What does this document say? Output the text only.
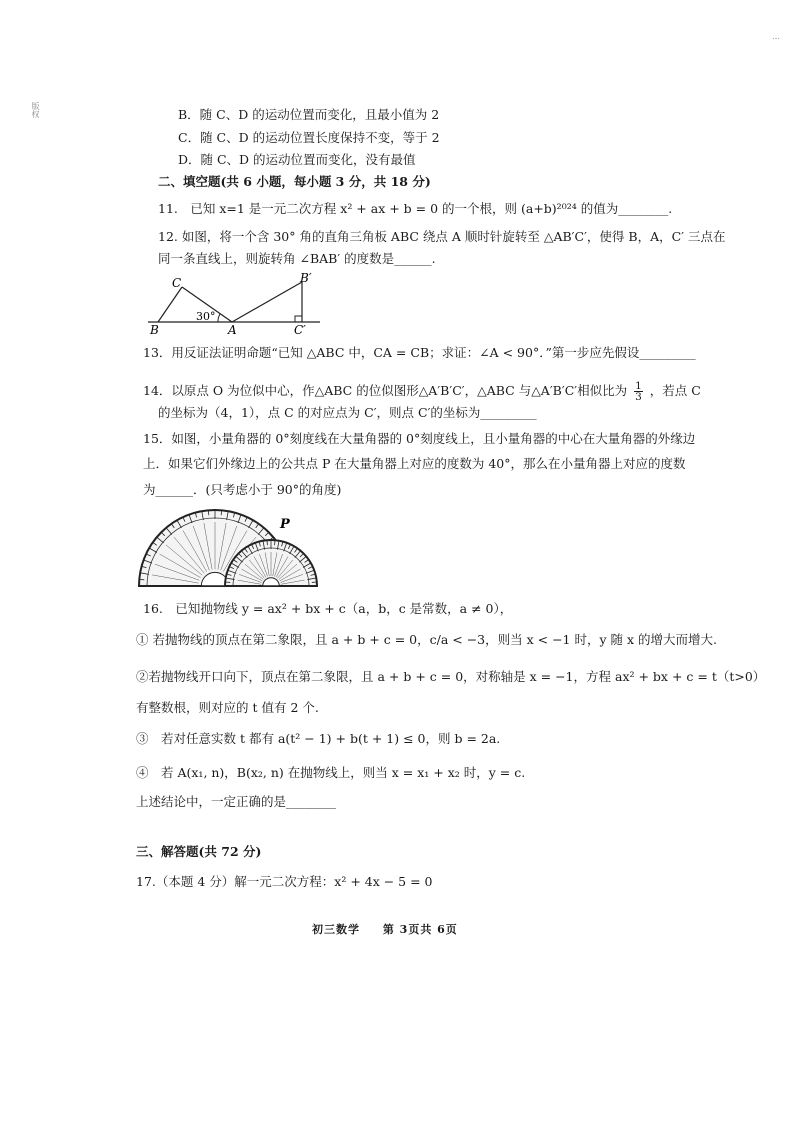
版权
…
B．随 C、D 的运动位置而变化，且最小值为 2
C．随 C、D 的运动位置长度保持不变，等于 2
D．随 C、D 的运动位置而变化，没有最值
二、填空题(共 6 小题，每小题 3 分，共 18 分)
11.　已知 x=1 是一元二次方程 x² + ax + b = 0 的一个根，则 (a+b)²⁰²⁴ 的值为________.
12. 如图，将一个含 30° 角的直角三角板 ABC 绕点 A 顺时针旋转至 △AB′C′，使得 B，A，C′ 三点在
同一条直线上，则旋转角 ∠BAB′ 的度数是______.
C
B	A
B′
C′
30°
13．用反证法证明命题“已知 △ABC 中，CA = CB；求证：∠A < 90°．”第一步应先假设_________
14．以原点 O 为位似中心，作△ABC 的位似图形△A′B′C′，△ABC 与△A′B′C′相似比为 $\frac{1}{3}$ ，若点 C
的坐标为（4，1），点 C 的对应点为 C′，则点 C′的坐标为_________
15．如图，小量角器的 0°刻度线在大量角器的 0°刻度线上，且小量角器的中心在大量角器的外缘边
上．如果它们外缘边上的公共点 P 在大量角器上对应的度数为 40°，那么在小量角器上对应的度数
为______．(只考虑小于 90°的角度)
P
16.　已知抛物线 y = ax² + bx + c（a，b，c 是常数，a ≠ 0），
① 若抛物线的顶点在第二象限，且 a + b + c = 0，c/a < −3，则当 x < −1 时，y 随 x 的增大而增大.
②若抛物线开口向下，顶点在第二象限，且 a + b + c = 0，对称轴是 x = −1，方程 ax² + bx + c = t（t>0）
有整数根，则对应的 t 值有 2 个.
③　若对任意实数 t 都有 a(t² − 1) + b(t + 1) ≤ 0，则 b = 2a.
④　若 A(x₁, n)，B(x₂, n) 在抛物线上，则当 x = x₁ + x₂ 时，y = c.
上述结论中，一定正确的是________
三、解答题(共 72 分)
17.（本题 4 分）解一元二次方程：x² + 4x − 5 = 0
初三数学 第 3页共 6页
